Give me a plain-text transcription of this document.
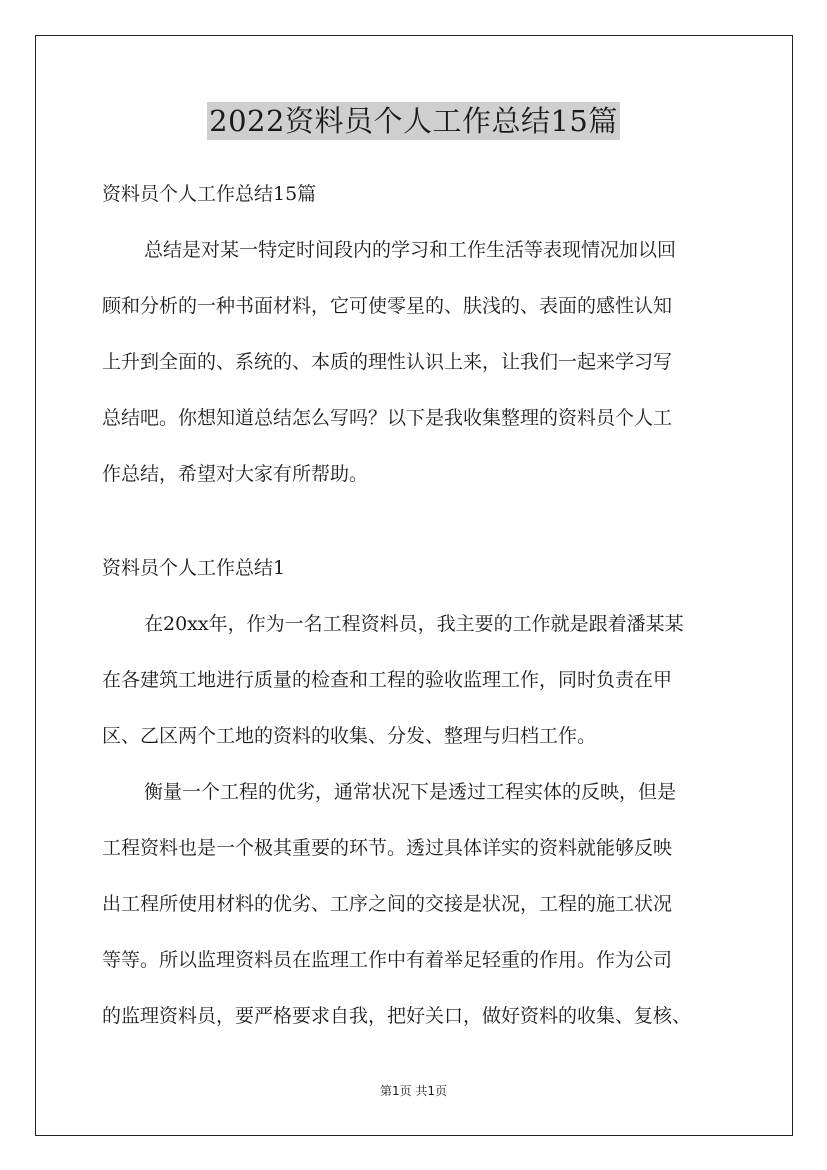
2022资料员个人工作总结15篇
资料员个人工作总结15篇
总结是对某一特定时间段内的学习和工作生活等表现情况加以回
顾和分析的一种书面材料，它可使零星的、肤浅的、表面的感性认知
上升到全面的、系统的、本质的理性认识上来，让我们一起来学习写
总结吧。你想知道总结怎么写吗？以下是我收集整理的资料员个人工
作总结，希望对大家有所帮助。
资料员个人工作总结1
在20xx年，作为一名工程资料员，我主要的工作就是跟着潘某某
在各建筑工地进行质量的检查和工程的验收监理工作，同时负责在甲
区、乙区两个工地的资料的收集、分发、整理与归档工作。
衡量一个工程的优劣，通常状况下是透过工程实体的反映，但是
工程资料也是一个极其重要的环节。透过具体详实的资料就能够反映
出工程所使用材料的优劣、工序之间的交接是状况，工程的施工状况
等等。所以监理资料员在监理工作中有着举足轻重的作用。作为公司
的监理资料员，要严格要求自我，把好关口，做好资料的收集、复核、
第1页 共1页
